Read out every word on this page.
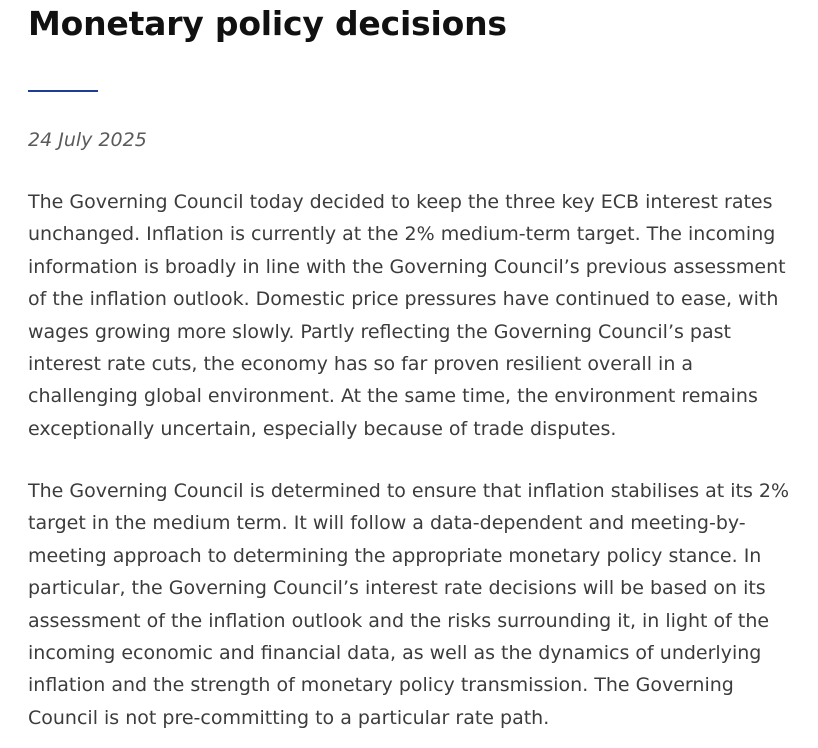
Monetary policy decisions
24 July 2025

The Governing Council today decided to keep the three key ECB interest rates
unchanged. Inflation is currently at the 2% medium-term target. The incoming
information is broadly in line with the Governing Council’s previous assessment
of the inflation outlook. Domestic price pressures have continued to ease, with
wages growing more slowly. Partly reflecting the Governing Council’s past
interest rate cuts, the economy has so far proven resilient overall in a
challenging global environment. At the same time, the environment remains
exceptionally uncertain, especially because of trade disputes.

The Governing Council is determined to ensure that inflation stabilises at its 2%
target in the medium term. It will follow a data-dependent and meeting-by-
meeting approach to determining the appropriate monetary policy stance. In
particular, the Governing Council’s interest rate decisions will be based on its
assessment of the inflation outlook and the risks surrounding it, in light of the
incoming economic and financial data, as well as the dynamics of underlying
inflation and the strength of monetary policy transmission. The Governing
Council is not pre-committing to a particular rate path.
